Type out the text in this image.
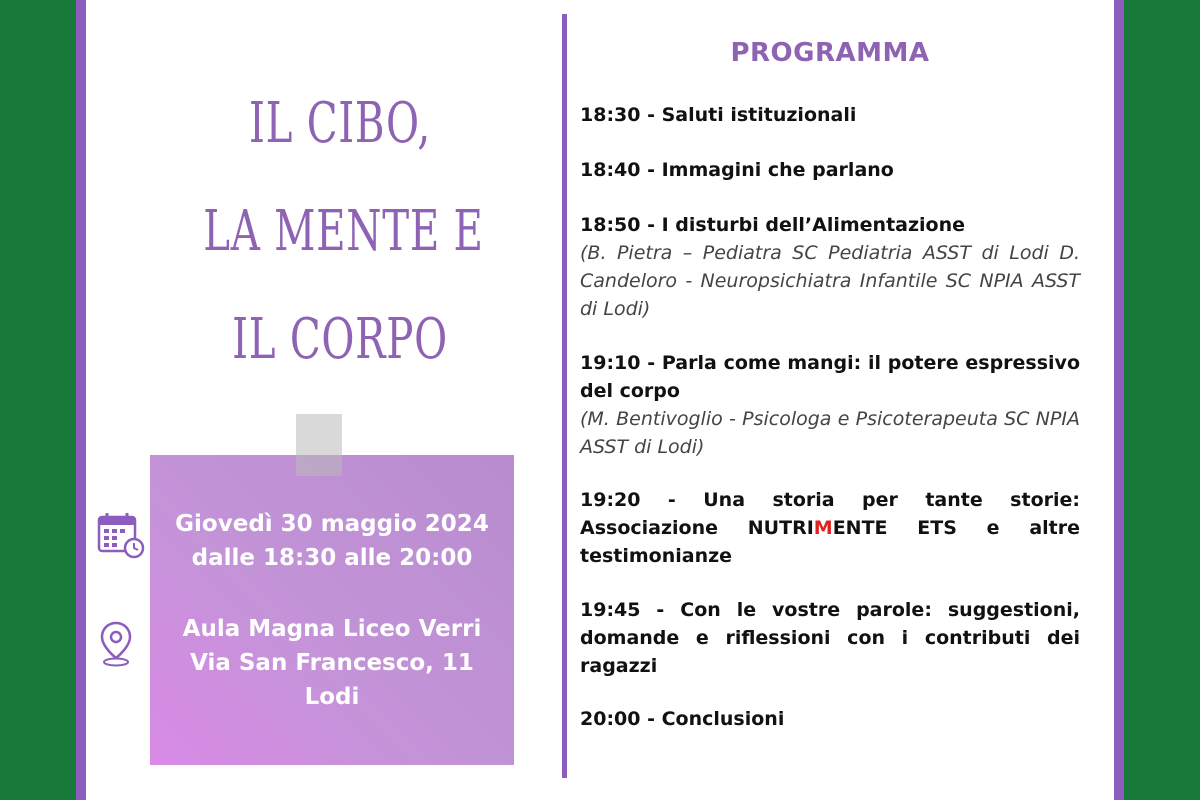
IL CIBO,
LA MENTE E
IL CORPO
Giovedì 30 maggio 2024
dalle 18:30 alle 20:00
Aula Magna Liceo Verri
Via San Francesco, 11
Lodi
PROGRAMMA
18:30 - Saluti istituzionali
18:40 - Immagini che parlano
18:50 - I disturbi dell’Alimentazione
(B. Pietra – Pediatra SC Pediatria ASST di Lodi D. Candeloro - Neuropsichiatra Infantile SC NPIA ASST di Lodi)
19:10 - Parla come mangi: il potere espressivo del corpo
(M. Bentivoglio - Psicologa e Psicoterapeuta SC NPIA ASST di Lodi)
19:20 - Una storia per tante storie: Associazione NUTRIMENTE ETS e altre testimonianze
19:45 - Con le vostre parole: suggestioni, domande e riflessioni con i contributi dei ragazzi
20:00 - Conclusioni
